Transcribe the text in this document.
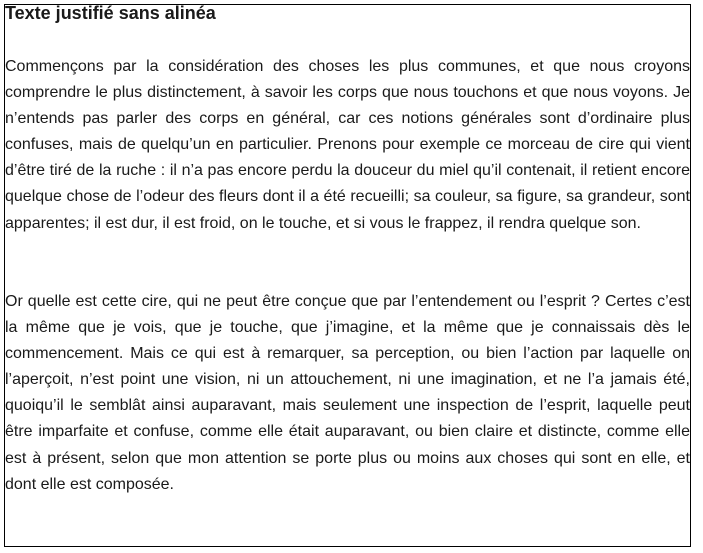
Texte justifié sans alinéa

Commençons par la considération des choses les plus communes, et que nous croyons comprendre le plus distinctement, à savoir les corps que nous touchons et que nous voyons. Je n’entends pas parler des corps en général, car ces notions générales sont d’ordinaire plus confuses, mais de quelqu’un en particulier. Prenons pour exemple ce morceau de cire qui vient d’être tiré de la ruche : il n’a pas encore perdu la douceur du miel qu’il contenait, il retient encore quelque chose de l’odeur des fleurs dont il a été recueilli; sa couleur, sa figure, sa grandeur, sont apparentes; il est dur, il est froid, on le touche, et si vous le frappez, il rendra quelque son.

Or quelle est cette cire, qui ne peut être conçue que par l’entendement ou l’esprit ? Certes c’est la même que je vois, que je touche, que j’imagine, et la même que je connaissais dès le commencement. Mais ce qui est à remarquer, sa perception, ou bien l’action par laquelle on l’aperçoit, n’est point une vision, ni un attouchement, ni une imagination, et ne l’a jamais été, quoiqu’il le semblât ainsi auparavant, mais seulement une inspection de l’esprit, laquelle peut être imparfaite et confuse, comme elle était auparavant, ou bien claire et distincte, comme elle est à présent, selon que mon attention se porte plus ou moins aux choses qui sont en elle, et dont elle est composée.
